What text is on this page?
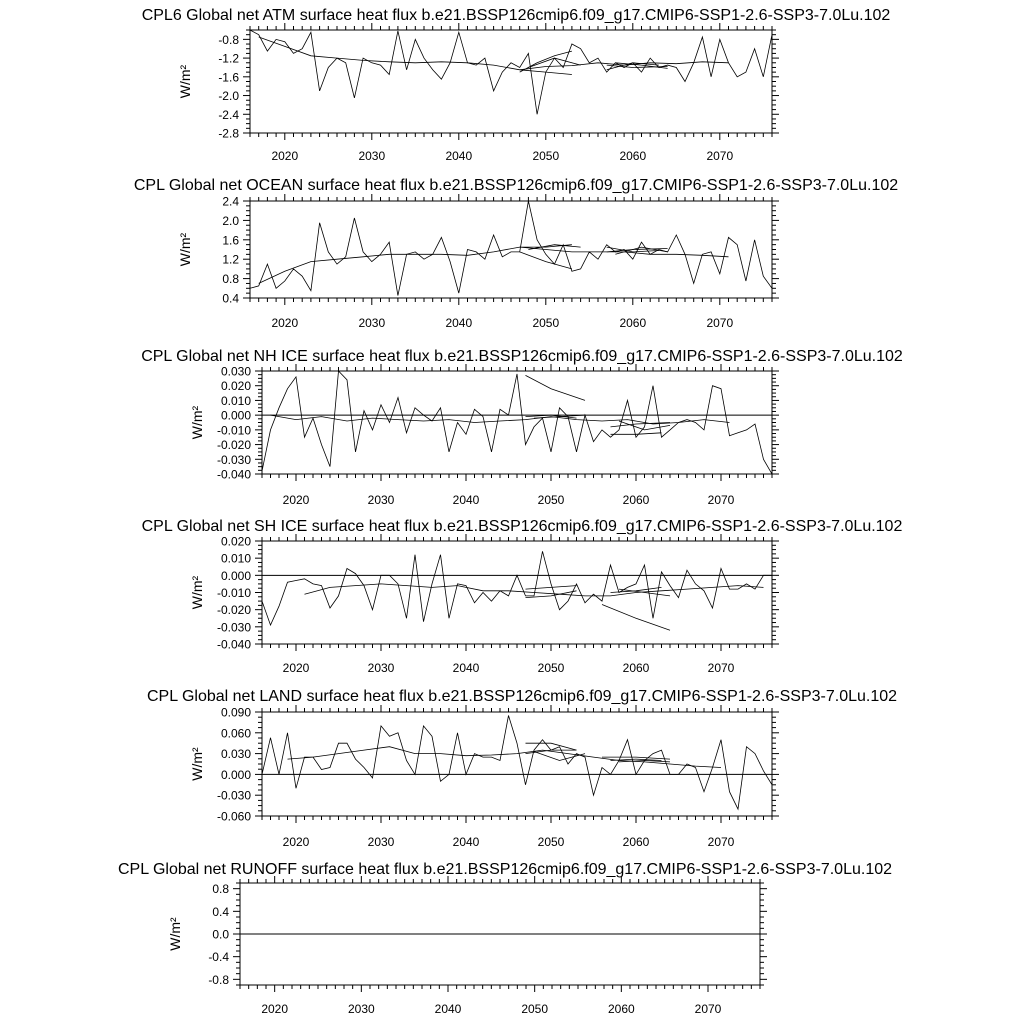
CPL6 Global net ATM surface heat flux b.e21.BSSP126cmip6.f09_g17.CMIP6-SSP1-2.6-SSP3-7.0Lu.102
W/m²
2020	2030	2040	2050	2060	2070
-0.8
-1.2
-1.6
-2.0
-2.4
-2.8
CPL Global net OCEAN surface heat flux b.e21.BSSP126cmip6.f09_g17.CMIP6-SSP1-2.6-SSP3-7.0Lu.102
W/m²
2020	2030	2040	2050	2060	2070
2.4
2.0
1.6
1.2
0.8
0.4
CPL Global net NH ICE surface heat flux b.e21.BSSP126cmip6.f09_g17.CMIP6-SSP1-2.6-SSP3-7.0Lu.102
W/m²
2020	2030	2040	2050	2060	2070
0.030
0.020
0.010
0.000
-0.010
-0.020
-0.030
-0.040
CPL Global net SH ICE surface heat flux b.e21.BSSP126cmip6.f09_g17.CMIP6-SSP1-2.6-SSP3-7.0Lu.102
W/m²
2020	2030	2040	2050	2060	2070
0.020
0.010
0.000
-0.010
-0.020
-0.030
-0.040
CPL Global net LAND surface heat flux b.e21.BSSP126cmip6.f09_g17.CMIP6-SSP1-2.6-SSP3-7.0Lu.102
W/m²
2020	2030	2040	2050	2060	2070
0.090
0.060
0.030
0.000
-0.030
-0.060
CPL Global net RUNOFF surface heat flux b.e21.BSSP126cmip6.f09_g17.CMIP6-SSP1-2.6-SSP3-7.0Lu.102
W/m²
2020	2030	2040	2050	2060	2070
0.8
0.4
0.0
-0.4
-0.8
